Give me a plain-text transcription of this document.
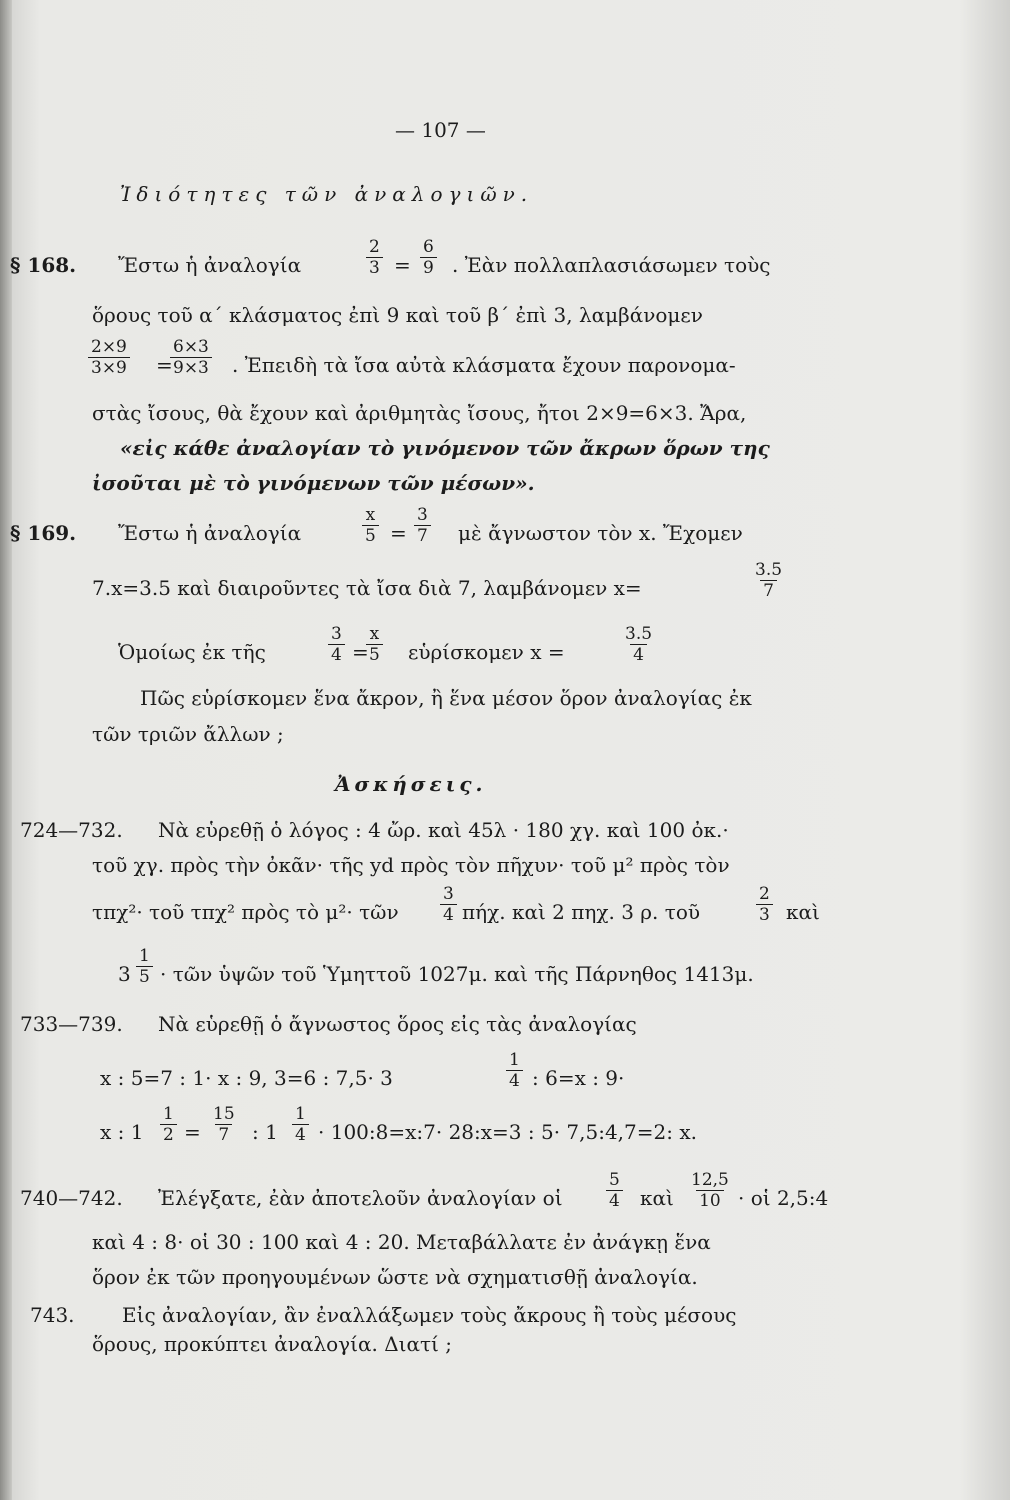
— 107 —
Ἰδιότητες τῶν ἀναλογιῶν.
§ 168. Ἔστω ἡ ἀναλογία	$\frac{2}{3} = \frac{6}{9}$ . Ἐὰν πολλαπλασιάσωμεν τοὺς
ὅρους τοῦ α΄ κλάσματος ἐπὶ 9 καὶ τοῦ β΄ ἐπὶ 3, λαμβάνομεν
$\frac{2\times 9}{3\times 9}$ =
$\frac{6\times 3}{9\times 3}$ . Ἐπειδὴ τὰ ἴσα αὐτὰ κλάσματα ἔχουν παρονομα-
στὰς ἴσους, θὰ ἔχουν καὶ ἀριθμητὰς ἴσους, ἤτοι 2×9=6×3. Ἄρα,
«εἰς κάθε ἀναλογίαν τὸ γινόμενον τῶν ἄκρων ὅρων της
ἰσοῦται μὲ τὸ γινόμενων τῶν μέσων».
§ 169. Ἔστω ἡ ἀναλογία	$\frac{x}{5} = \frac{3}{7}$ μὲ ἄγνωστον τὸν x. Ἔχομεν
7.x=3.5 καὶ διαιροῦντες τὰ ἴσα διὰ 7, λαμβάνομεν x=	$\frac{3.5}{7}$
Ὁμοίως ἐκ τῆς	$\frac{3}{4}$ =
$\frac{x}{5}$ εὑρίσκομεν x =	$\frac{3.5}{4}$
Πῶς εὑρίσκομεν ἕνα ἄκρον, ἢ ἕνα μέσον ὅρον ἀναλογίας ἐκ
τῶν τριῶν ἄλλων ;
Ἀσκήσεις.
724—732. Νὰ εὑρεθῇ ὁ λόγος : 4 ὤρ. καὶ 45λ · 180 χγ. καὶ 100 ὀκ.·
τοῦ χγ. πρὸς τὴν ὀκᾶν· τῆς yd πρὸς τὸν πῆχυν· τοῦ μ² πρὸς τὸν
τπχ²· τοῦ τπχ² πρὸς τὸ μ²· τῶν $\frac{3}{4} \pi ή\chi$. καὶ 2 πηχ. 3 ρ. τοῦ	$\frac{2}{3}$ καὶ
$3 \frac{1}{5}$ · τῶν ὑψῶν τοῦ Ὑμηττοῦ 1027μ. καὶ τῆς Πάρνηθος 1413μ.
733—739. Νὰ εὑρεθῇ ὁ ἄγνωστος ὅρος εἰς τὰς ἀναλογίας
x : 5=7 : 1· x : 9, 3=6 : 7,5· 3	$\frac{1}{4}$ : 6=x : 9·
x : $1 \frac{1}{2} = \frac{15}{7}$ : $1 \frac{1}{4}$ · 100:8=x:7· 28:x=3 : 5· 7,5:4,7=2: x.
740—742. Ἐλέγξατε, ἐὰν ἀποτελοῦν ἀναλογίαν οἱ	$\frac{5}{4}$ καὶ $\frac{12,5}{10}$ · οἱ 2,5:4
καὶ 4 : 8· οἱ 30 : 100 καὶ 4 : 20. Μεταβάλλατε ἐν ἀνάγκῃ ἕνα
ὅρον ἐκ τῶν προηγουμένων ὥστε νὰ σχηματισθῇ ἀναλογία.
743. Εἰς ἀναλογίαν, ἂν ἐναλλάξωμεν τοὺς ἄκρους ἢ τοὺς μέσους
ὅρους, προκύπτει ἀναλογία. Διατί ;
